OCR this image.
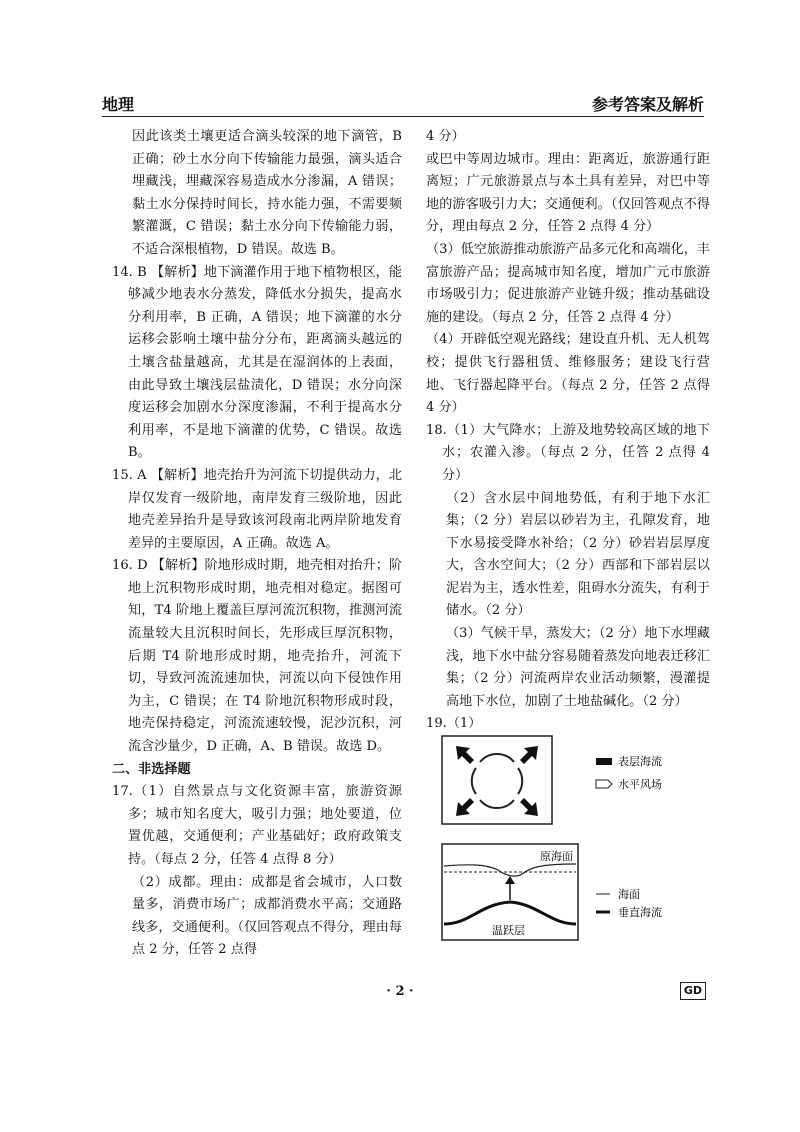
地理	参考答案及解析

因此该类土壤更适合滴头较深的地下滴管，B 正确；砂土水分向下传输能力最强，滴头适合埋藏浅，埋藏深容易造成水分渗漏，A 错误；黏土水分保持时间长，持水能力强，不需要频繁灌溉，C 错误；黏土水分向下传输能力弱，不适合深根植物，D 错误。故选 B。

14. B 【解析】地下滴灌作用于地下植物根区，能够减少地表水分蒸发，降低水分损失，提高水分利用率，B 正确，A 错误；地下滴灌的水分运移会影响土壤中盐分分布，距离滴头越远的土壤含盐量越高，尤其是在湿润体的上表面，由此导致土壤浅层盐渍化，D 错误；水分向深度运移会加剧水分深度渗漏，不利于提高水分利用率，不是地下滴灌的优势，C 错误。故选 B。

15. A 【解析】地壳抬升为河流下切提供动力，北岸仅发育一级阶地，南岸发育三级阶地，因此地壳差异抬升是导致该河段南北两岸阶地发育差异的主要原因，A 正确。故选 A。

16. D 【解析】阶地形成时期，地壳相对抬升；阶地上沉积物形成时期，地壳相对稳定。据图可知，T4 阶地上覆盖巨厚河流沉积物，推测河流流量较大且沉积时间长，先形成巨厚沉积物，后期 T4 阶地形成时期，地壳抬升，河流下切，导致河流流速加快，河流以向下侵蚀作用为主，C 错误；在 T4 阶地沉积物形成时段，地壳保持稳定，河流流速较慢，泥沙沉积，河流含沙量少，D 正确，A、B 错误。故选 D。

二、非选择题

17.（1）自然景点与文化资源丰富，旅游资源多；城市知名度大，吸引力强；地处要道，位置优越，交通便利；产业基础好；政府政策支持。（每点 2 分，任答 4 点得 8 分）

（2）成都。理由：成都是省会城市，人口数量多，消费市场广；成都消费水平高；交通路线多，交通便利。（仅回答观点不得分，理由每点 2 分，任答 2 点得

4 分）

或巴中等周边城市。理由：距离近，旅游通行距离短；广元旅游景点与本土具有差异，对巴中等地的游客吸引力大；交通便利。（仅回答观点不得分，理由每点 2 分，任答 2 点得 4 分）

（3）低空旅游推动旅游产品多元化和高端化，丰富旅游产品；提高城市知名度，增加广元市旅游市场吸引力；促进旅游产业链升级；推动基础设施的建设。（每点 2 分，任答 2 点得 4 分）

（4）开辟低空观光路线；建设直升机、无人机驾校；提供飞行器租赁、维修服务；建设飞行营地、飞行器起降平台。（每点 2 分，任答 2 点得 4 分）

18.（1）大气降水；上游及地势较高区域的地下水；农灌入渗。（每点 2 分，任答 2 点得 4 分）

（2）含水层中间地势低，有利于地下水汇集；（2 分）岩层以砂岩为主，孔隙发育，地下水易接受降水补给；（2 分）砂岩岩层厚度大，含水空间大；（2 分）西部和下部岩层以泥岩为主，透水性差，阻碍水分流失，有利于储水。（2 分）

（3）气候干旱，蒸发大；（2 分）地下水埋藏浅，地下水中盐分容易随着蒸发向地表迁移汇集；（2 分）河流两岸农业活动频繁，漫灌提高地下水位，加剧了土地盐碱化。（2 分）

19.（1）

表层海流
水平风场
原海面
温跃层
海面
垂直海流
· 2 ·	GD
